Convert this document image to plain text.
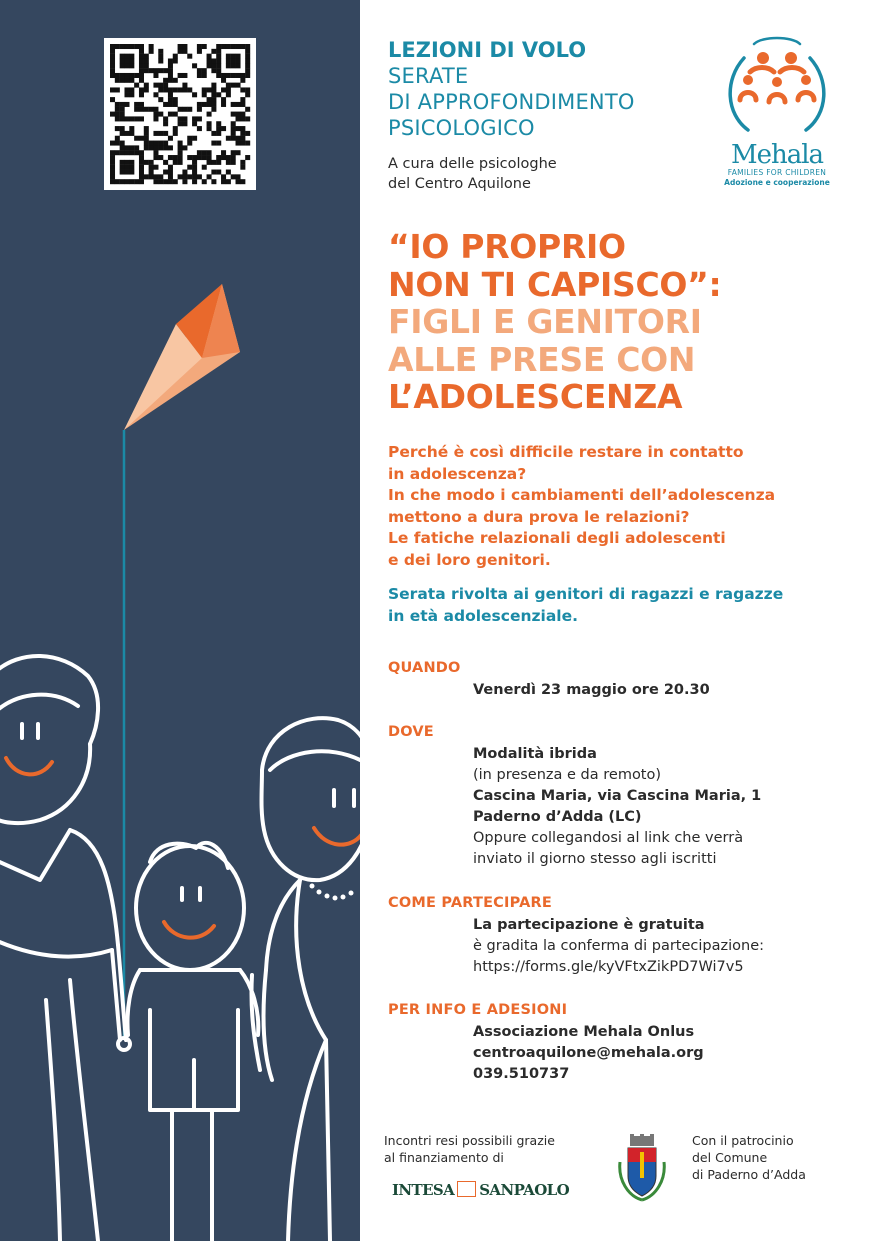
LEZIONI DI VOLO
SERATE
DI APPROFONDIMENTO
PSICOLOGICO
A cura delle psicologhe
del Centro Aquilone
Mehala
FAMILIES FOR CHILDREN
Adozione e cooperazione
“IO PROPRIO
NON TI CAPISCO”:
FIGLI E GENITORI
ALLE PRESE CON
L’ADOLESCENZA
Perché è così difficile restare in contatto
in adolescenza?
In che modo i cambiamenti dell’adolescenza
mettono a dura prova le relazioni?
Le fatiche relazionali degli adolescenti
e dei loro genitori.
Serata rivolta ai genitori di ragazzi e ragazze
in età adolescenziale.
QUANDO
Venerdì 23 maggio ore 20.30
DOVE
Modalità ibrida
(in presenza e da remoto)
Cascina Maria, via Cascina Maria, 1
Paderno d’Adda (LC)
Oppure collegandosi al link che verrà
inviato il giorno stesso agli iscritti
COME PARTECIPARE
La partecipazione è gratuita
è gradita la conferma di partecipazione:
https://forms.gle/kyVFtxZikPD7Wi7v5
PER INFO E ADESIONI
Associazione Mehala Onlus
centroaquilone@mehala.org
039.510737
Incontri resi possibili grazie
al finanziamento di
INTESA SANPAOLO
Con il patrocinio
del Comune
di Paderno d’Adda
